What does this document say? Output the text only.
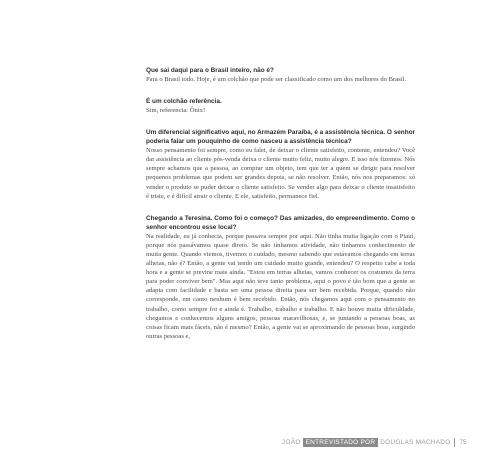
Que sai daqui para o Brasil inteiro, não é?

Para o Brasil todo. Hoje, é um colchão que pode ser classificado como um dos melhores do Brasil.

É um colchão referência.

Sim, referencia: Ônix!

Um diferencial significativo aqui, no Armazém Paraíba, é a assistência técnica. O senhor poderia falar um pouquinho de como nasceu a assistência técnica?

Nosso pensamento foi sempre, como eu falei, de deixar o cliente satisfeito, contente, entendeu? Você dar assistência ao cliente pós-venda deixa o cliente muito feliz, muito alegre. E isso nós fizemos. Nós sempre achamos que a pessoa, ao comprar um objeto, tem que ter a quem se dirigir para resolver pequenos problemas que podem ser grandes depois, se não resolver. Então, nós nos preparamos: só vender o produto se puder deixar o cliente satisfeito. Se vender algo para deixar o cliente insatisfeito é triste, e é difícil atrair o cliente. E ele, satisfeito, permanece fiel.

Chegando a Teresina. Como foi o começo? Das amizades, do empreendimento. Como o senhor encontrou esse local?

Na realidade, eu já conhecia, porque passava sempre por aqui. Não tinha muita ligação com o Piauí, porque nós passávamos quase direto. Se não tínhamos atividade, não tínhamos conhecimento de muita gente. Quando viemos, tivemos o cuidado, mesmo sabendo que estávamos chegando em terras alheias, não é? Então, a gente vai tendo um cuidado muito grande, entendeu? O respeito cabe a toda hora e a gente se previne mais ainda. "Estou em terras alheias, vamos conhecer os costumes da terra para poder conviver bem". Mas aqui não teve tanto problema, aqui o povo é tão bom que a gente se adapta com facilidade e basta ser uma pessoa direita para ser bem recebida. Porque, quando não corresponde, em canto nenhum é bem recebido. Então, nós chegamos aqui com o pensamento no trabalho, como sempre foi e ainda é. Trabalho, trabalho e trabalho. E não houve muita dificuldade, chegamos e conhecemos alguns amigos, pessoas maravilhosas, e, se juntando a pessoas boas, as coisas ficam mais fáceis, não é mesmo? Então, a gente vai se aproximando de pessoas boas, surgindo outras pessoas e,

JOÃO ENTREVISTADO POR DOUGLAS MACHADO 75
